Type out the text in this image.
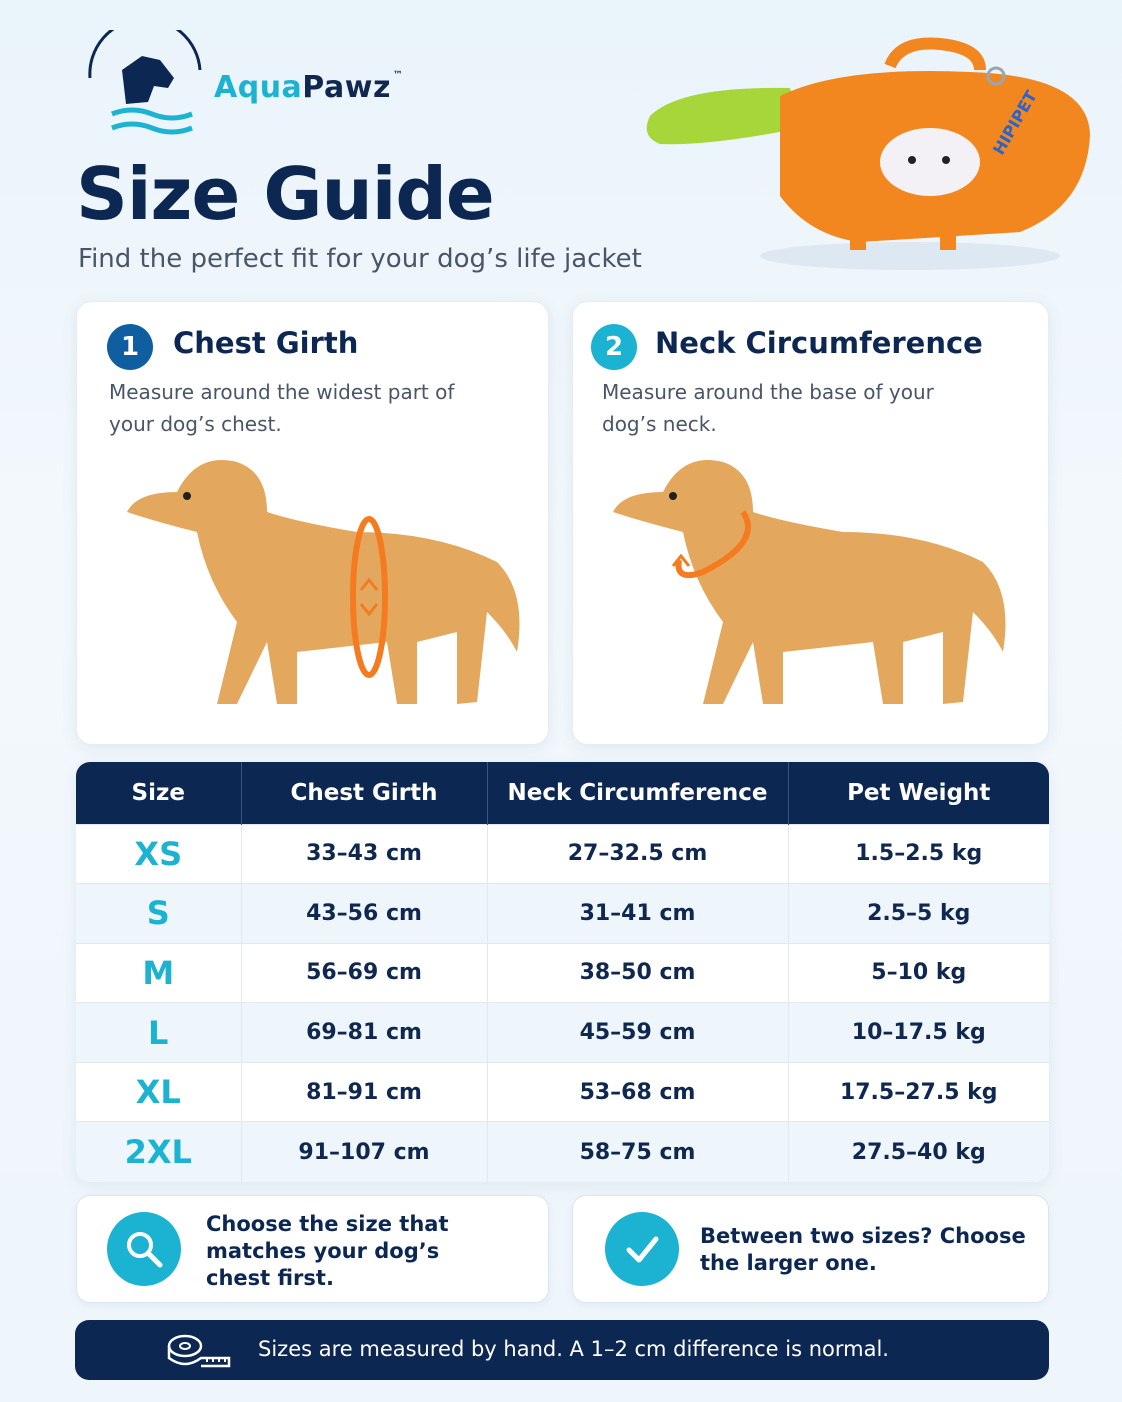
AquaPawz ™
Size Guide

Find the perfect fit for your dog’s life jacket

HIPIPET
1	Chest Girth
Measure around the widest part of your dog’s chest.
2	Neck Circumference
Measure around the base of your dog’s neck.
Size	Chest Girth	Neck Circumference	Pet Weight
XS	33–43 cm	27–32.5 cm	1.5–2.5 kg
S	43–56 cm	31–41 cm	2.5–5 kg
M	56–69 cm	38–50 cm	5–10 kg
L	69–81 cm	45–59 cm	10–17.5 kg
XL	81–91 cm	53–68 cm	17.5–27.5 kg
2XL	91–107 cm	58–75 cm	27.5–40 kg
Choose the size that matches your dog’s chest first.
Between two sizes? Choose the larger one.
Sizes are measured by hand. A 1–2 cm difference is normal.
